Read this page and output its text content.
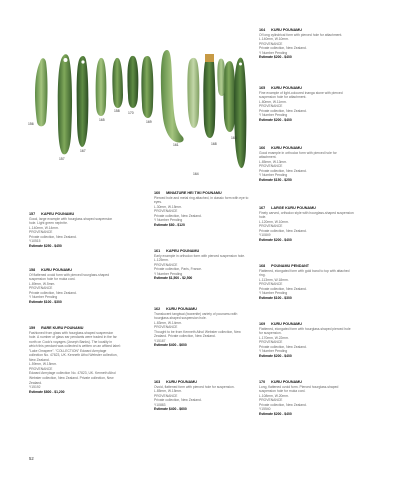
156
157
167
165
158 170
169
161	168
163
164
157 KAPEU POUNAMU
Good, large example with hourglass-shaped suspension hole. Light green nephrite.
L.140mm, W.14mm.
PROVENANCE
Private collection, New Zealand.
Y10515
Estimate $250 - $450
158 KURU POUNAMU
Of flattened ovoid form with pierced hourglass-shaped suspension hole for muka cord.
L.89mm, W.5mm.
PROVENANCE
Private collection, New Zealand.
Y Number Pending
Estimate $100 - $300
159 RARE KURU POUNAMU
Fashioned from glass with hourglass-shaped suspension hole. A number of glass ear pendants were traded in the far north on Cook's voyages (Joseph Banks). The locality in which this pendant was collected is written on an affixed label: "Lake Omapere". "COLLECTION" Edward Armytage collection No. 47823, UK. Kenneth Athol Webster collection, New Zealand.
L.59mm, W.15mm.
PROVENANCE
Edward Armytage collection No. 47823, UK. Kenneth Athol Webster collection, New Zealand. Private collection, New Zealand.
Y15192
Estimate $800 - $1,200
160 MINIATURE HEI TIKI POUNAMU
Pierced hole and metal ring attached, in classic form with eye to eyes.
L.30mm, W.15mm.
PROVENANCE
Private collection, New Zealand.
Y Number Pending
Estimate $80 - $120
161 KAPEU POUNAMU
Early example in orthodox form with pierced suspension hole.
L.125mm.
PROVENANCE
Private collection, Paris, France.
Y Number Pending
Estimate $1,500 - $2,500
162 KURU POUNAMU
Translucent tangiwai (bowenite) variety of pounamu with hourglass-shaped suspension hole.
L.83mm, W.14mm.
PROVENANCE
Thought to be from Kenneth Athol Webster collection, New Zealand. Private collection, New Zealand.
Y15187
Estimate $400 - $600
163 KURU POUNAMU
Ovoid, flattened form with pierced hole for suspension.
L.85mm, W.15mm.
PROVENANCE
Private collection, New Zealand.
Y10883
Estimate $400 - $600
164 KURU POUNAMU
Of long cylindrical form with pierced hole for attachment.
L.140mm, W.10mm.
PROVENANCE
Private collection, New Zealand.
Y Number Pending
Estimate $200 - $400
165 KURU POUNAMU
Fine example of light-coloured inanga stone with pierced suspension hole for attachment.
L.80mm, W.11mm.
PROVENANCE
Private collection, New Zealand.
Y Number Pending
Estimate $200 - $400
166 KURU POUNAMU
Good example in orthodox form with pierced hole for attachment.
L.85mm, W.13mm.
PROVENANCE
Private collection, New Zealand.
Y Number Pending
Estimate $150 - $250
167 LARGE KURU POUNAMU
Finely carved, orthodox style with hourglass-shaped suspension hole.
L.120mm, W.10mm.
PROVENANCE
Private collection, New Zealand.
Y10849
Estimate $200 - $400
168 POUNAMU PENDANT
Flattened, elongated form with gold band to top with attached ring.
L.113mm, W.18mm.
PROVENANCE
Private collection, New Zealand.
Y Number Pending
Estimate $100 - $300
169 KURU POUNAMU
Flattened, elongated form with hourglass-shaped pierced hole for suspension.
L.170mm, W.22mm.
PROVENANCE
Private collection, New Zealand.
Y Number Pending
Estimate $200 - $400
170 KURU POUNAMU
Long, flattened ovoid form. Pierced hourglass-shaped suspension hole for muka cord.
L.108mm, W.20mm.
PROVENANCE
Private collection, New Zealand.
Y15540
Estimate $200 - $400
52
